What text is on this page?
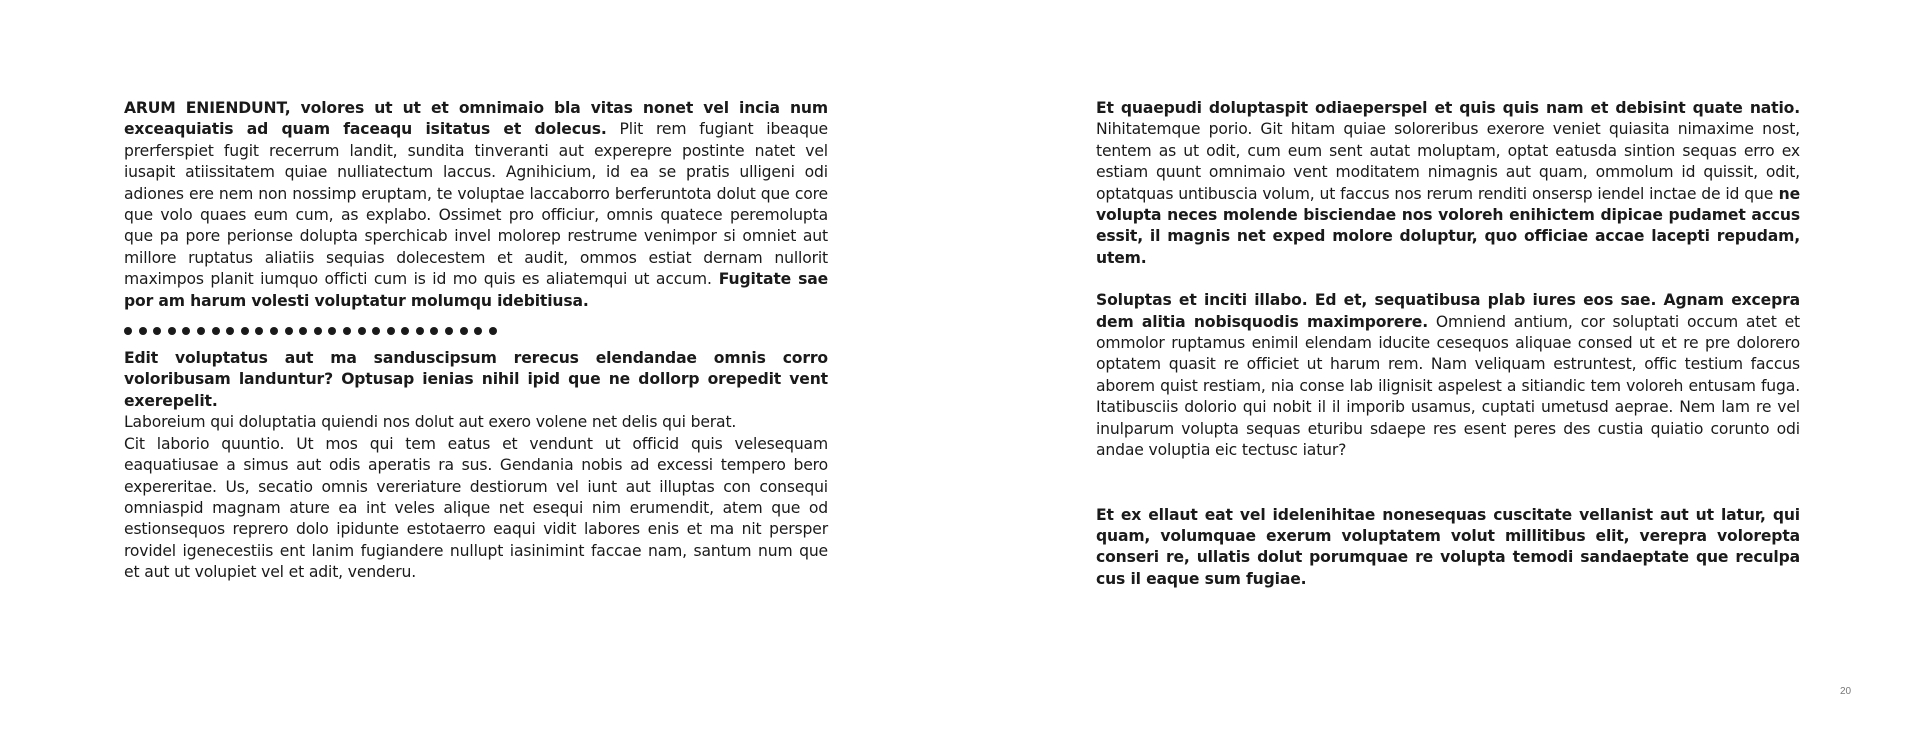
ARUM ENIENDUNT, volores ut ut et omnimaio bla vitas nonet vel incia num exceaquiatis ad quam faceaqu isitatus et dolecus. Plit rem fugiant ibeaque prerferspiet fugit recerrum landit, sundita tinveranti aut experepre postinte natet vel iusapit atiissitatem quiae nulliatectum laccus. Agnihicium, id ea se pratis ulligeni odi adiones ere nem non nossimp eruptam, te voluptae laccaborro berferuntota dolut que core que volo quaes eum cum, as explabo. Ossimet pro officiur, omnis quatece peremolupta que pa pore perionse dolupta sperchicab invel molorep restrume venimpor si omniet aut millore ruptatus aliatiis sequias dolecestem et audit, ommos estiat dernam nullorit maximpos planit iumquo officti cum is id mo quis es aliatemqui ut accum. Fugitate sae por am harum volesti voluptatur molumqu idebitiusa.

Edit voluptatus aut ma sanduscipsum rerecus elendandae omnis corro voloribusam landuntur? Optusap ienias nihil ipid que ne dollorp orepedit vent exerepelit.

Laboreium qui doluptatia quiendi nos dolut aut exero volene net delis qui berat.

Cit laborio quuntio. Ut mos qui tem eatus et vendunt ut officid quis velesequam eaquatiusae a simus aut odis aperatis ra sus. Gendania nobis ad excessi tempero bero expereritae. Us, secatio omnis vereriature destiorum vel iunt aut illuptas con consequi omniaspid magnam ature ea int veles alique net esequi nim erumendit, atem que od estionsequos reprero dolo ipidunte estotaerro eaqui vidit labores enis et ma nit persper rovidel igenecestiis ent lanim fugiandere nullupt iasinimint faccae nam, santum num que et aut ut volupiet vel et adit, venderu.

Et quaepudi doluptaspit odiaeperspel et quis quis nam et debisint quate natio. Nihitatemque porio. Git hitam quiae soloreribus exerore veniet quiasita nimaxime nost, tentem as ut odit, cum eum sent autat moluptam, optat eatusda sintion sequas erro ex estiam quunt omnimaio vent moditatem nimagnis aut quam, ommolum id quissit, odit, optatquas untibuscia volum, ut faccus nos rerum renditi onsersp iendel inctae de id que ne volupta neces molende bisciendae nos voloreh enihictem dipicae pudamet accus essit, il magnis net exped molore doluptur, quo officiae accae lacepti repudam, utem.

Soluptas et inciti illabo. Ed et, sequatibusa plab iures eos sae. Agnam excepra dem alitia nobisquodis maximporere. Omniend antium, cor soluptati occum atet et ommolor ruptamus enimil elendam iducite cesequos aliquae consed ut et re pre dolorero optatem quasit re officiet ut harum rem. Nam veliquam estruntest, offic testium faccus aborem quist restiam, nia conse lab ilignisit aspelest a sitiandic tem voloreh entusam fuga. Itatibusciis dolorio qui nobit il il imporib usamus, cuptati umetusd aeprae. Nem lam re vel inulparum volupta sequas eturibu sdaepe res esent peres des custia quiatio corunto odi andae voluptia eic tectusc iatur?

Et ex ellaut eat vel idelenihitae nonesequas cuscitate vellanist aut ut latur, qui quam, volumquae exerum voluptatem volut millitibus elit, verepra volorepta conseri re, ullatis dolut porumquae re volupta temodi sandaeptate que reculpa cus il eaque sum fugiae.

20
